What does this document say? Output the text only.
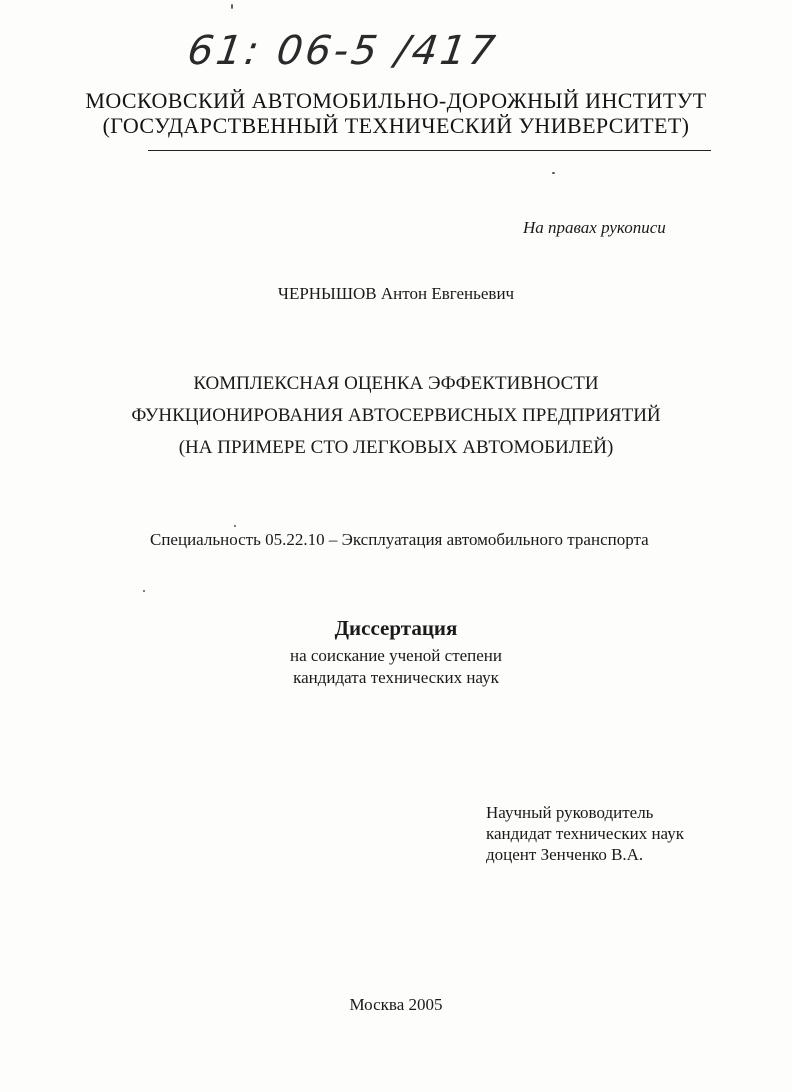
61: 06-5 /417
МОСКОВСКИЙ АВТОМОБИЛЬНО-ДОРОЖНЫЙ ИНСТИТУТ
(ГОСУДАРСТВЕННЫЙ ТЕХНИЧЕСКИЙ УНИВЕРСИТЕТ)
На правах рукописи
ЧЕРНЫШОВ Антон Евгеньевич
КОМПЛЕКСНАЯ ОЦЕНКА ЭФФЕКТИВНОСТИ
ФУНКЦИОНИРОВАНИЯ АВТОСЕРВИСНЫХ ПРЕДПРИЯТИЙ
(НА ПРИМЕРЕ СТО ЛЕГКОВЫХ АВТОМОБИЛЕЙ)
Специальность 05.22.10 – Эксплуатация автомобильного транспорта
Диссертация
на соискание ученой степени
кандидата технических наук
Научный руководитель
кандидат технических наук
доцент Зенченко В.А.
Москва 2005
